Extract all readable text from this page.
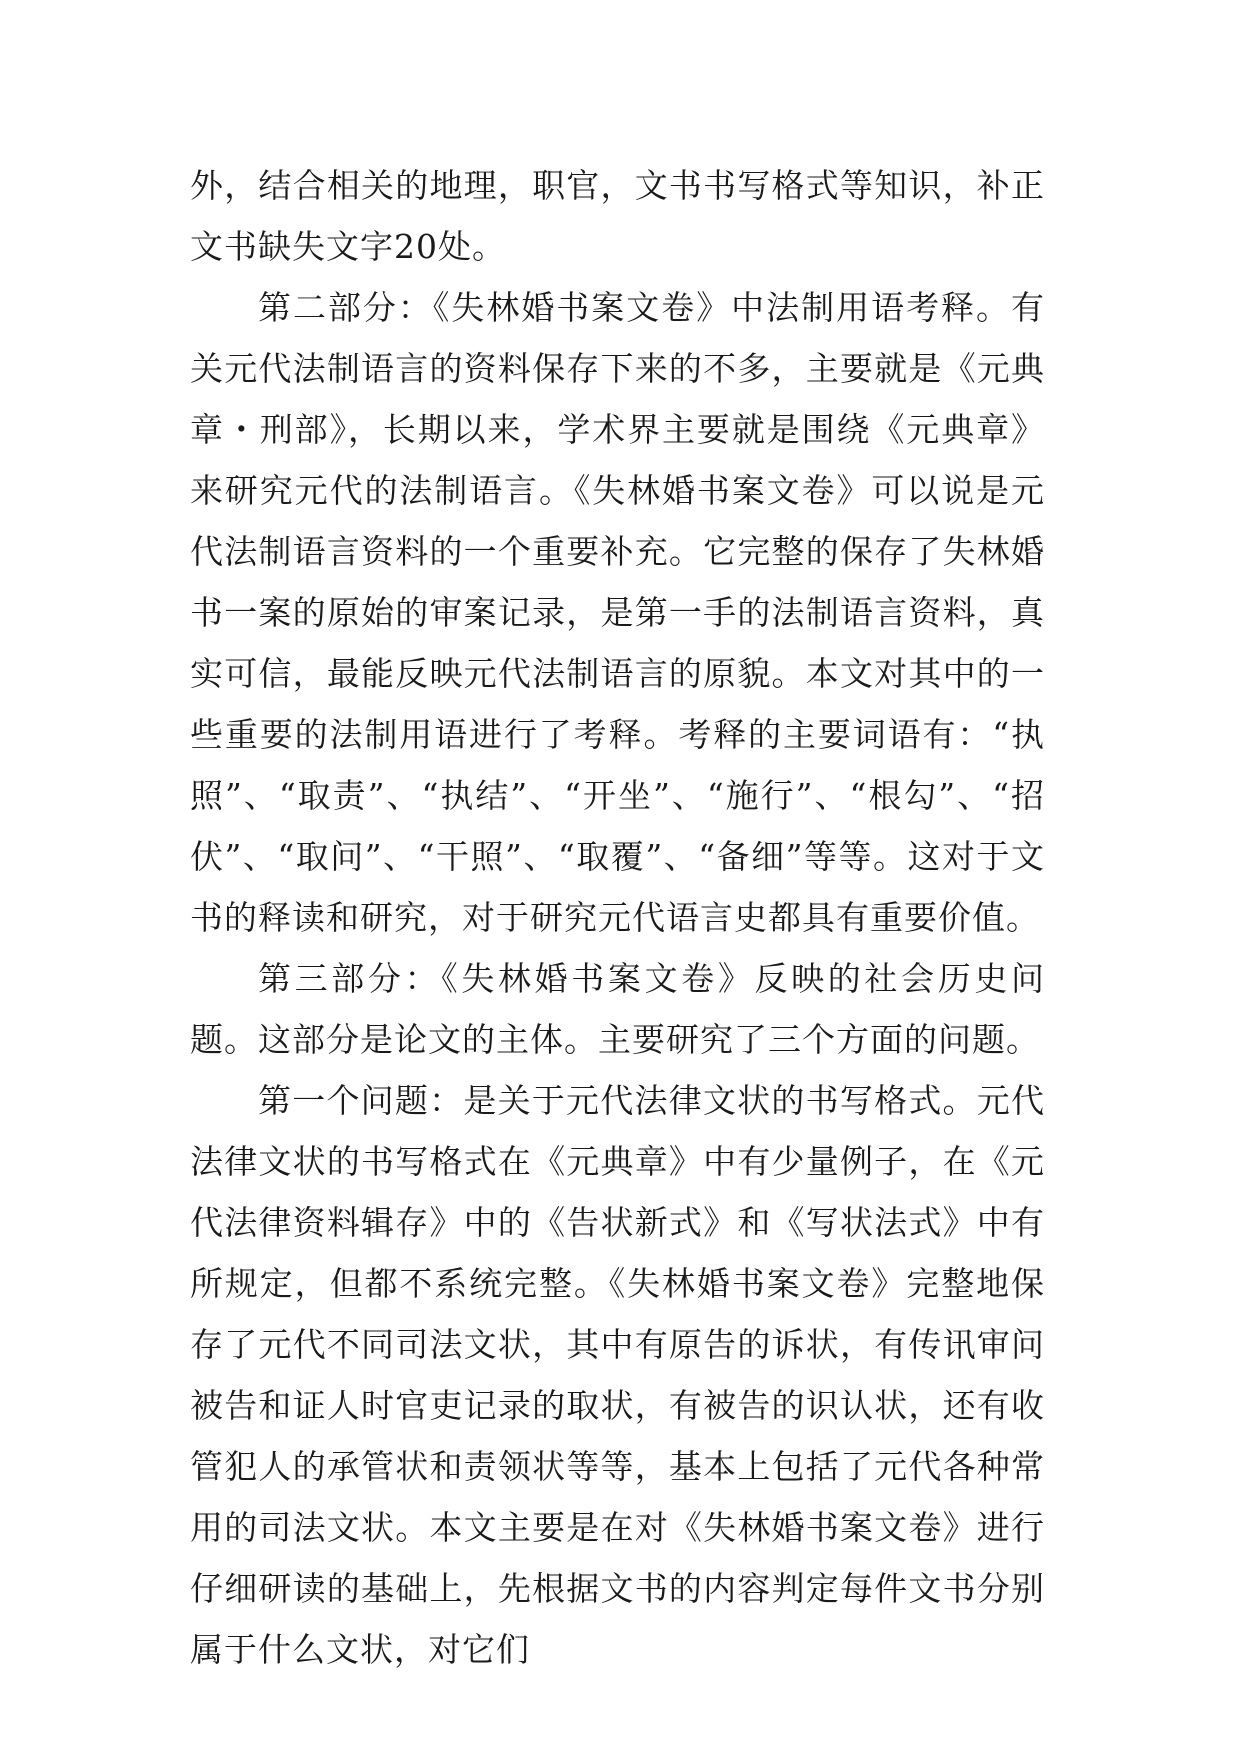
外，结合相关的地理，职官，文书书写格式等知识，补正文书缺失文字20处。

第二部分：《失林婚书案文卷》中法制用语考释。有关元代法制语言的资料保存下来的不多，主要就是《元典章・刑部》，长期以来，学术界主要就是围绕《元典章》来研究元代的法制语言。《失林婚书案文卷》可以说是元代法制语言资料的一个重要补充。它完整的保存了失林婚书一案的原始的审案记录，是第一手的法制语言资料，真实可信，最能反映元代法制语言的原貌。本文对其中的一些重要的法制用语进行了考释。考释的主要词语有：“执照”、“取责”、“执结”、“开坐”、“施行”、“根勾”、“招伏”、“取问”、“干照”、“取覆”、“备细”等等。这对于文书的释读和研究，对于研究元代语言史都具有重要价值。

第三部分：《失林婚书案文卷》反映的社会历史问题。这部分是论文的主体。主要研究了三个方面的问题。

第一个问题：是关于元代法律文状的书写格式。元代法律文状的书写格式在《元典章》中有少量例子，在《元代法律资料辑存》中的《告状新式》和《写状法式》中有所规定，但都不系统完整。《失林婚书案文卷》完整地保存了元代不同司法文状，其中有原告的诉状，有传讯审问被告和证人时官吏记录的取状，有被告的识认状，还有收管犯人的承管状和责领状等等，基本上包括了元代各种常用的司法文状。本文主要是在对《失林婚书案文卷》进行仔细研读的基础上，先根据文书的内容判定每件文书分别属于什么文状，对它们
